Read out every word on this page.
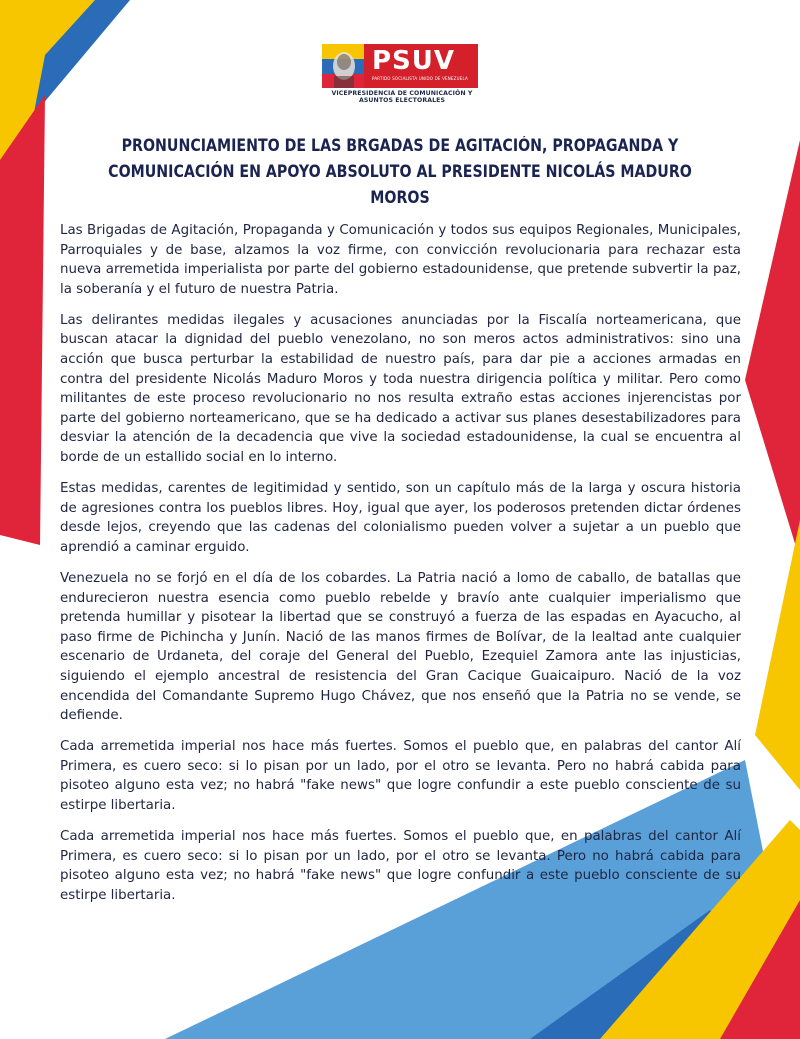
PSUV
PARTIDO SOCIALISTA UNIDO DE VENEZUELA
VICEPRESIDENCIA DE COMUNICACIÓN Y
ASUNTOS ELECTORALES
PRONUNCIAMIENTO DE LAS BRGADAS DE AGITACIÓN, PROPAGANDA Y
COMUNICACIÓN EN APOYO ABSOLUTO AL PRESIDENTE NICOLÁS MADURO MOROS

Las Brigadas de Agitación, Propaganda y Comunicación y todos sus equipos Regionales, Municipales, Parroquiales y de base, alzamos la voz firme, con convicción revolucionaria para rechazar esta nueva arremetida imperialista por parte del gobierno estadounidense, que pretende subvertir la paz, la soberanía y el futuro de nuestra Patria.

Las delirantes medidas ilegales y acusaciones anunciadas por la Fiscalía norteamericana, que buscan atacar la dignidad del pueblo venezolano, no son meros actos administrativos: sino una acción que busca perturbar la estabilidad de nuestro país, para dar pie a acciones armadas en contra del presidente Nicolás Maduro Moros y toda nuestra dirigencia política y militar. Pero como militantes de este proceso revolucionario no nos resulta extraño estas acciones injerencistas por parte del gobierno norteamericano, que se ha dedicado a activar sus planes desestabilizadores para desviar la atención de la decadencia que vive la sociedad estadounidense, la cual se encuentra al borde de un estallido social en lo interno.

Estas medidas, carentes de legitimidad y sentido, son un capítulo más de la larga y oscura historia de agresiones contra los pueblos libres. Hoy, igual que ayer, los poderosos pretenden dictar órdenes desde lejos, creyendo que las cadenas del colonialismo pueden volver a sujetar a un pueblo que aprendió a caminar erguido.

Venezuela no se forjó en el día de los cobardes. La Patria nació a lomo de caballo, de batallas que endurecieron nuestra esencia como pueblo rebelde y bravío ante cualquier imperialismo que pretenda humillar y pisotear la libertad que se construyó a fuerza de las espadas en Ayacucho, al paso firme de Pichincha y Junín. Nació de las manos firmes de Bolívar, de la lealtad ante cualquier escenario de Urdaneta, del coraje del General del Pueblo, Ezequiel Zamora ante las injusticias, siguiendo el ejemplo ancestral de resistencia del Gran Cacique Guaicaipuro. Nació de la voz encendida del Comandante Supremo Hugo Chávez, que nos enseñó que la Patria no se vende, se defiende.

Cada arremetida imperial nos hace más fuertes. Somos el pueblo que, en palabras del cantor Alí Primera, es cuero seco: si lo pisan por un lado, por el otro se levanta. Pero no habrá cabida para pisoteo alguno esta vez; no habrá "fake news" que logre confundir a este pueblo consciente de su estirpe libertaria.

Cada arremetida imperial nos hace más fuertes. Somos el pueblo que, en palabras del cantor Alí Primera, es cuero seco: si lo pisan por un lado, por el otro se levanta. Pero no habrá cabida para pisoteo alguno esta vez; no habrá "fake news" que logre confundir a este pueblo consciente de su estirpe libertaria.
